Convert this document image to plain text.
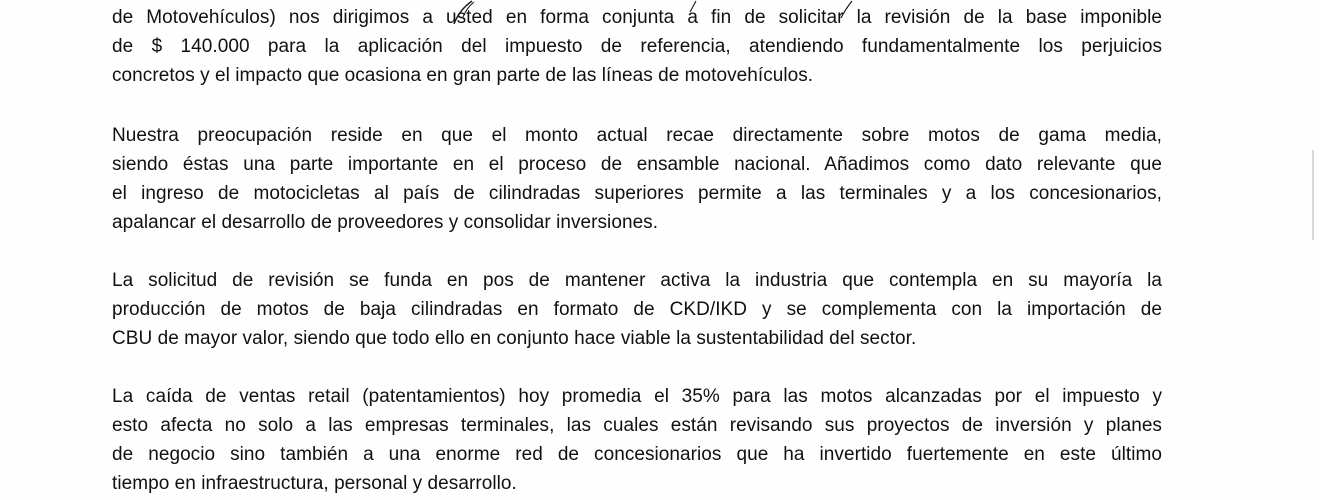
de Motovehículos) nos dirigimos a usted en forma conjunta a fin de solicitar la revisión de la base imponible
de $ 140.000 para la aplicación del impuesto de referencia, atendiendo fundamentalmente los perjuicios
concretos y el impacto que ocasiona en gran parte de las líneas de motovehículos.

Nuestra preocupación reside en que el monto actual recae directamente sobre motos de gama media,
siendo éstas una parte importante en el proceso de ensamble nacional. Añadimos como dato relevante que
el ingreso de motocicletas al país de cilindradas superiores permite a las terminales y a los concesionarios,
apalancar el desarrollo de proveedores y consolidar inversiones.

La solicitud de revisión se funda en pos de mantener activa la industria que contempla en su mayoría la
producción de motos de baja cilindradas en formato de CKD/IKD y se complementa con la importación de
CBU de mayor valor, siendo que todo ello en conjunto hace viable la sustentabilidad del sector.

La caída de ventas retail (patentamientos) hoy promedia el 35% para las motos alcanzadas por el impuesto y
esto afecta no solo a las empresas terminales, las cuales están revisando sus proyectos de inversión y planes
de negocio sino también a una enorme red de concesionarios que ha invertido fuertemente en este último
tiempo en infraestructura, personal y desarrollo.
